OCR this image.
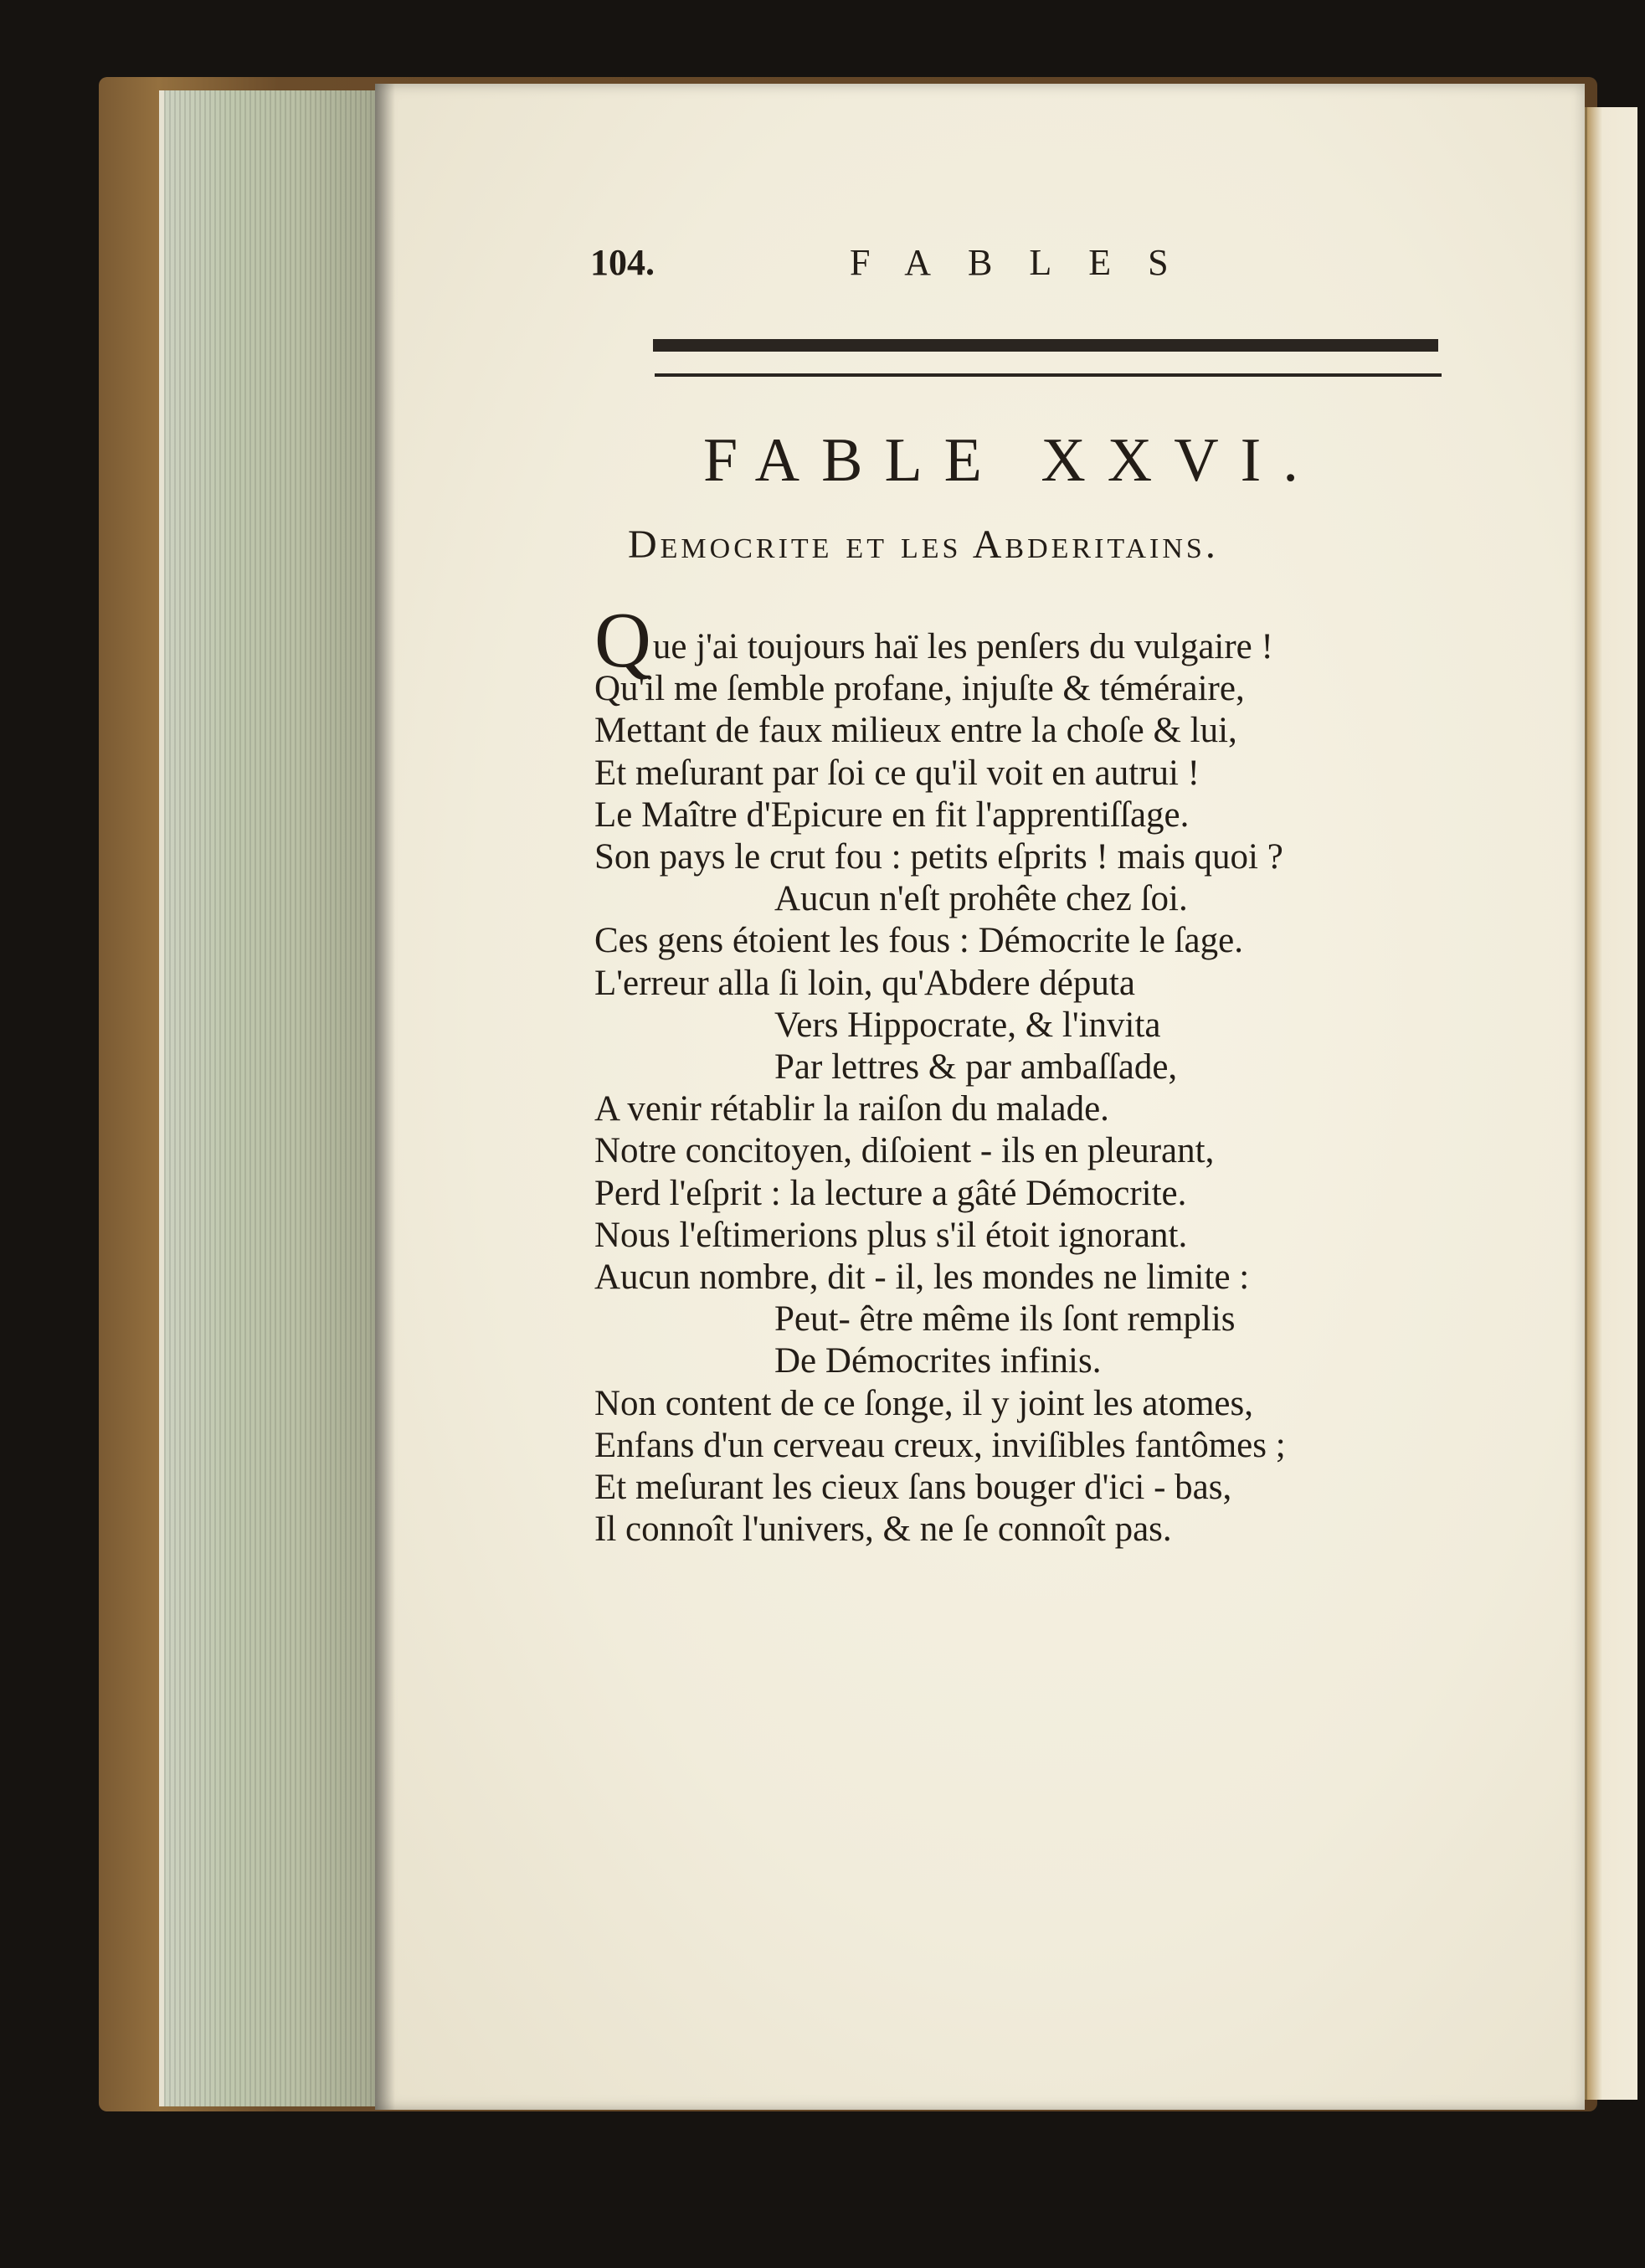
104.	FABLES
FABLE XXVI.
Democrite et les Abderitains.
Que j'ai toujours haï les penſers du vulgaire !
Qu'il me ſemble profane, injuſte & téméraire,
Mettant de faux milieux entre la choſe & lui,
Et meſurant par ſoi ce qu'il voit en autrui !
Le Maître d'Epicure en fit l'apprentiſſage.
Son pays le crut fou : petits eſprits ! mais quoi ?
Aucun n'eſt prohête chez ſoi.
Ces gens étoient les fous : Démocrite le ſage.
L'erreur alla ſi loin, qu'Abdere députa
Vers Hippocrate, & l'invita
Par lettres & par ambaſſade,
A venir rétablir la raiſon du malade.
Notre concitoyen, diſoient - ils en pleurant,
Perd l'eſprit : la lecture a gâté Démocrite.
Nous l'eſtimerions plus s'il étoit ignorant.
Aucun nombre, dit - il, les mondes ne limite :
Peut- être même ils ſont remplis
De Démocrites infinis.
Non content de ce ſonge, il y joint les atomes,
Enfans d'un cerveau creux, inviſibles fantômes ;
Et meſurant les cieux ſans bouger d'ici - bas,
Il connoît l'univers, & ne ſe connoît pas.
